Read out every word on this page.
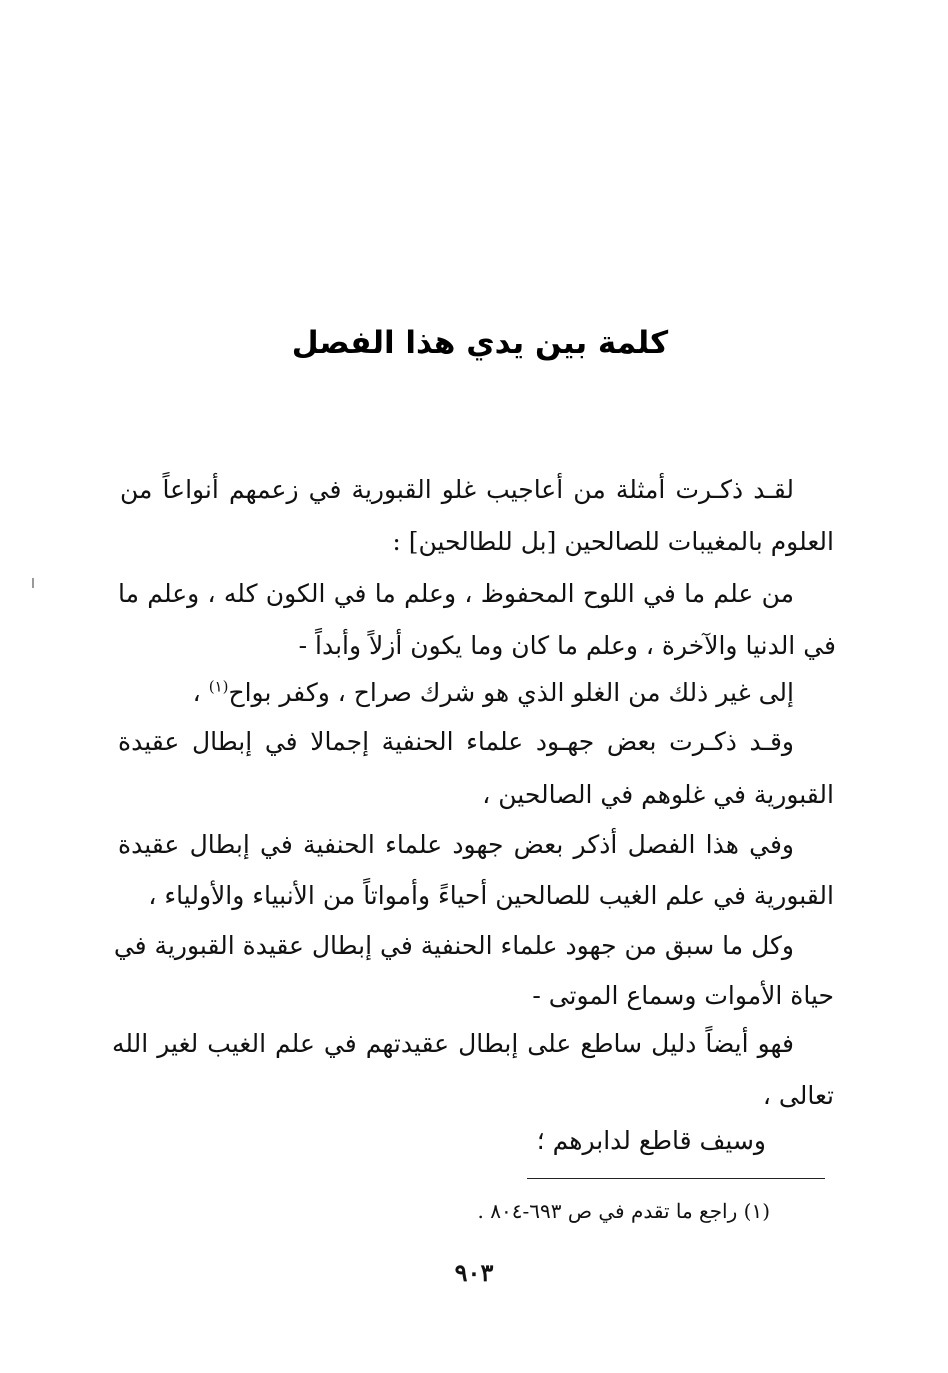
كلمة بين يدي هذا الفصل
لقـد ذكـرت أمثلة من أعاجيب غلو القبورية في زعمهم أنواعاً من
العلوم بالمغيبات للصالحين [بل للطالحين] :
من علم ما في اللوح المحفوظ ، وعلم ما في الكون كله ، وعلم ما
في الدنيا والآخرة ، وعلم ما كان وما يكون أزلاً وأبداً -
إلى غير ذلك من الغلو الذي هو شرك صراح ، وكفر بواح$^{(١)}$ ،
وقـد ذكـرت بعض جهـود علماء الحنفية إجمالا في إبطال عقيدة
القبورية في غلوهم في الصالحين ،
وفي هذا الفصل أذكر بعض جهود علماء الحنفية في إبطال عقيدة
القبورية في علم الغيب للصالحين أحياءً وأمواتاً من الأنبياء والأولياء ،
وكل ما سبق من جهود علماء الحنفية في إبطال عقيدة القبورية في
حياة الأموات وسماع الموتى -
فهو أيضاً دليل ساطع على إبطال عقيدتهم في علم الغيب لغير الله
تعالى ،
وسيف قاطع لدابرهم ؛
(١) راجع ما تقدم في ص ٦٩٣-٨٠٤ .
٩٠٣
